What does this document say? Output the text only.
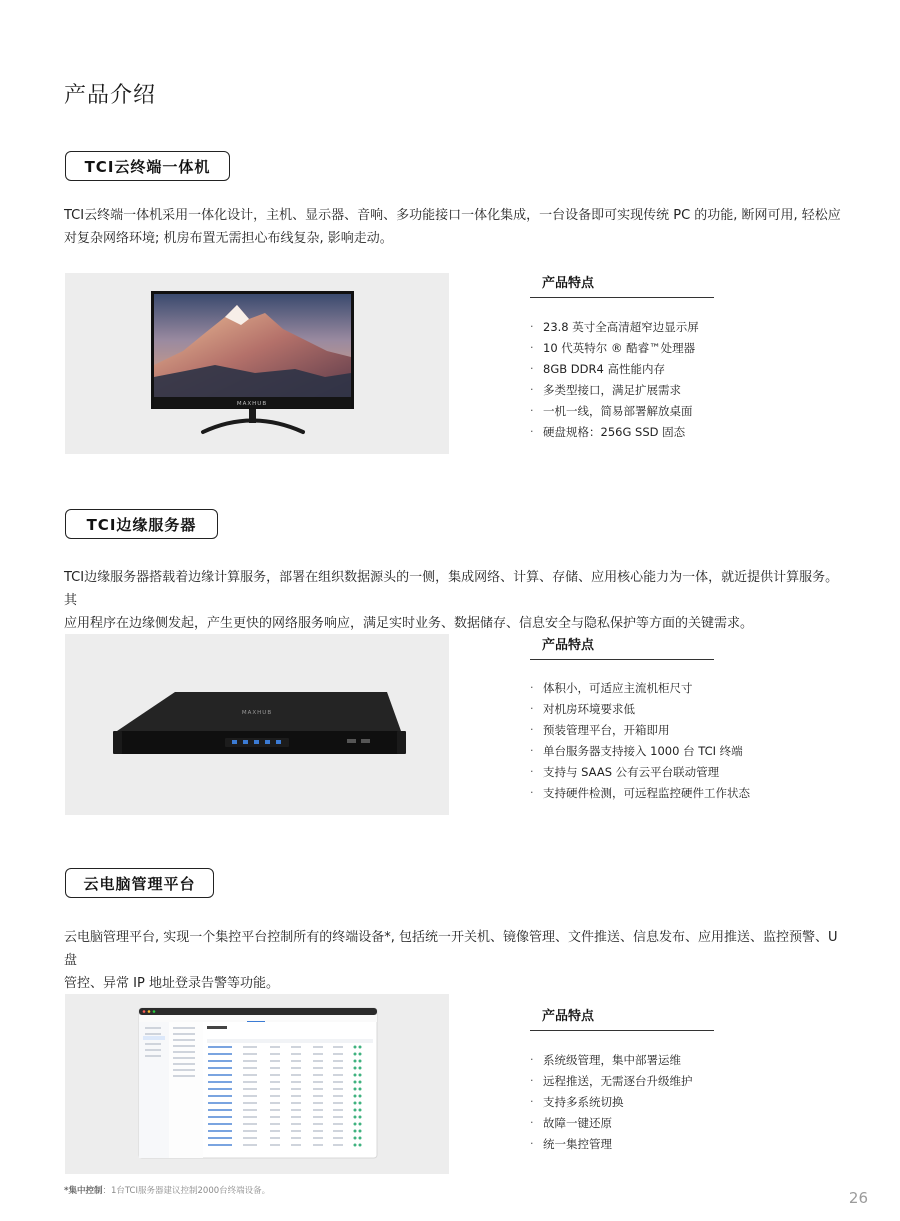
产品介绍
TCI云终端一体机
TCI云终端一体机采用一体化设计，主机、显示器、音响、多功能接口一体化集成，一台设备即可实现传统 PC 的功能, 断网可用, 轻松应
对复杂网络环境; 机房布置无需担心布线复杂, 影响走动。
MAXHUB
产品特点
· 23.8 英寸全高清超窄边显示屏
· 10 代英特尔 ® 酷睿™处理器
· 8GB DDR4 高性能内存
· 多类型接口，满足扩展需求
· 一机一线，简易部署解放桌面
· 硬盘规格：256G SSD 固态
TCI边缘服务器
TCI边缘服务器搭载着边缘计算服务，部署在组织数据源头的一侧，集成网络、计算、存储、应用核心能力为一体，就近提供计算服务。其
应用程序在边缘侧发起，产生更快的网络服务响应，满足实时业务、数据储存、信息安全与隐私保护等方面的关键需求。
MAXHUB
产品特点
· 体积小，可适应主流机柜尺寸
· 对机房环境要求低
· 预装管理平台，开箱即用
· 单台服务器支持接入 1000 台 TCI 终端
· 支持与 SAAS 公有云平台联动管理
· 支持硬件检测，可远程监控硬件工作状态
云电脑管理平台
云电脑管理平台, 实现一个集控平台控制所有的终端设备*, 包括统一开关机、镜像管理、文件推送、信息发布、应用推送、监控预警、U 盘
管控、异常 IP 地址登录告警等功能。
产品特点
· 系统级管理，集中部署运维
· 远程推送，无需逐台升级维护
· 支持多系统切换
· 故障一键还原
· 统一集控管理
*集中控制：1台TCI服务器建议控制2000台终端设备。	26
